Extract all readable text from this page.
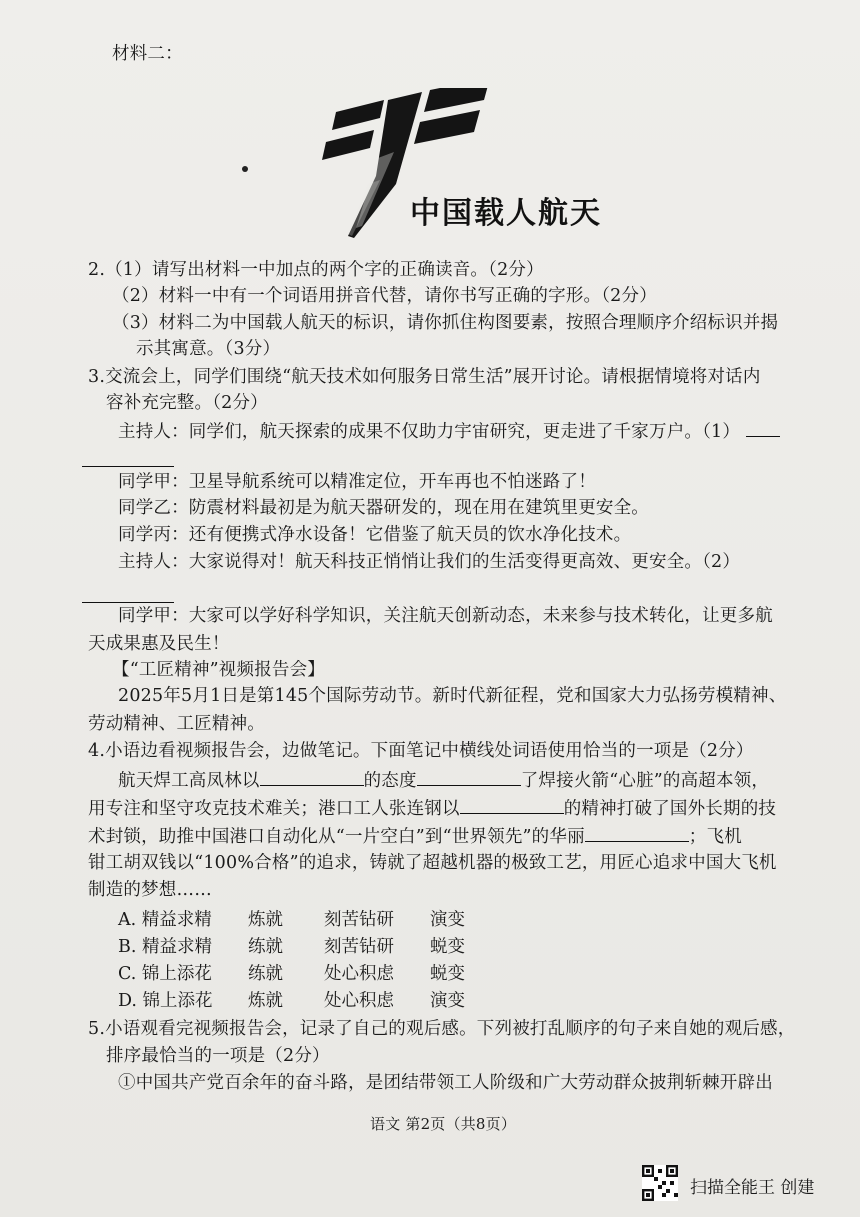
材料二：
中国载人航天
2.（1）请写出材料一中加点的两个字的正确读音。（2分）
（2）材料一中有一个词语用拼音代替，请你书写正确的字形。（2分）
（3）材料二为中国载人航天的标识，请你抓住构图要素，按照合理顺序介绍标识并揭
示其寓意。（3分）
3.交流会上，同学们围绕“航天技术如何服务日常生活”展开讨论。请根据情境将对话内
容补充完整。（2分）
主持人：同学们，航天探索的成果不仅助力宇宙研究，更走进了千家万户。（1）
同学甲：卫星导航系统可以精准定位，开车再也不怕迷路了！
同学乙：防震材料最初是为航天器研发的，现在用在建筑里更安全。
同学丙：还有便携式净水设备！它借鉴了航天员的饮水净化技术。
主持人：大家说得对！航天科技正悄悄让我们的生活变得更高效、更安全。（2）
同学甲：大家可以学好科学知识，关注航天创新动态，未来参与技术转化，让更多航
天成果惠及民生！
【“工匠精神”视频报告会】
2025年5月1日是第145个国际劳动节。新时代新征程，党和国家大力弘扬劳模精神、
劳动精神、工匠精神。
4.小语边看视频报告会，边做笔记。下面笔记中横线处词语使用恰当的一项是（2分）
航天焊工高凤林以	的态度	了焊接火箭“心脏”的高超本领，
用专注和坚守攻克技术难关；港口工人张连钢以	的精神打破了国外长期的技
术封锁，助推中国港口自动化从“一片空白”到“世界领先”的华丽	；飞机
钳工胡双钱以“100%合格”的追求，铸就了超越机器的极致工艺，用匠心追求中国大飞机
制造的梦想……
A. 精益求精 炼就 刻苦钻研 演变
B. 精益求精 练就 刻苦钻研 蜕变
C. 锦上添花 练就 处心积虑 蜕变
D. 锦上添花 炼就 处心积虑 演变
5.小语观看完视频报告会，记录了自己的观后感。下列被打乱顺序的句子来自她的观后感，
排序最恰当的一项是（2分）
①中国共产党百余年的奋斗路，是团结带领工人阶级和广大劳动群众披荆斩棘开辟出
语文 第2页（共8页）
扫描全能王 创建
